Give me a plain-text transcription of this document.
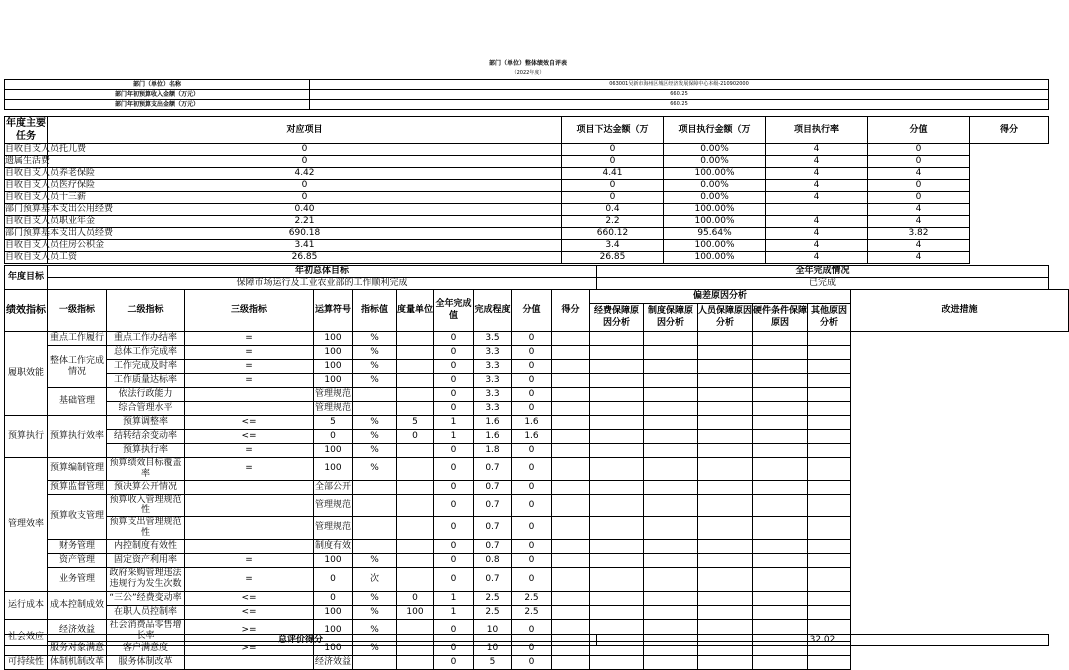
部门（单位）整体绩效自评表
（2022年度）
部门（单位）名称	063001吴新市海州区城区经济发展保障中心本级-210902000
部门年初预算收入金额（万元）	660.25
部门年初预算支出金额（万元）	660.25
年度主要任务	对应项目	项目下达金额（万	项目执行金额（万	项目执行率	分值	得分
自收自支人员托儿费	0	0	0.00%	4	0	
遗属生活费	0	0	0.00%	4	0	
自收自支人员养老保险	4.42	4.41	100.00%	4	4	
自收自支人员医疗保险	0	0	0.00%	4	0	
自收自支人员十三薪	0	0	0.00%	4	0	
部门预算基本支出公用经费	0.40	0.4	100.00%		4	
自收自支人员职业年金	2.21	2.2	100.00%	4	4	
部门预算基本支出人员经费	690.18	660.12	95.64%	4	3.82	
自收自支人员住房公积金	3.41	3.4	100.00%	4	4	
自收自支人员工资	26.85	26.85	100.00%	4	4	
年度目标	年初总体目标	全年完成情况
	保障市场运行及工业农业部的工作顺利完成	已完成
绩效指标	一级指标	二级指标	三级指标	运算符号	指标值	度量单位	全年完成值	完成程度	分值	得分	偏差原因分析					改进措施
											经费保障原因分析	制度保障原因分析	人员保障原因分析	硬件条件保障原因	其他原因分析	
履职效能	重点工作履行	重点工作办结率	=	100	%		0	3.5	0							
	整体工作完成情况	总体工作完成率	=	100	%		0	3.3	0							
		工作完成及时率	=	100	%		0	3.3	0							
		工作质量达标率	=	100	%		0	3.3	0							
	基础管理	依法行政能力		管理规范			0	3.3	0							
		综合管理水平		管理规范			0	3.3	0							
预算执行	预算执行效率	预算调整率	<=	5	%	5	1	1.6	1.6							
		结转结余变动率	<=	0	%	0	1	1.6	1.6							
		预算执行率	=	100	%		0	1.8	0							
管理效率	预算编制管理	预算绩效目标覆盖率	=	100	%		0	0.7	0							
	预算监督管理	预决算公开情况		全部公开			0	0.7	0							
	预算收支管理	预算收入管理规范性		管理规范			0	0.7	0							
		预算支出管理规范性		管理规范			0	0.7	0							
	财务管理	内控制度有效性		制度有效			0	0.7	0							
	资产管理	固定资产利用率	=	100	%		0	0.8	0							
	业务管理	政府采购管理违法违规行为发生次数	=	0	次		0	0.7	0							
运行成本	成本控制成效	“三公”经费变动率	<=	0	%	0	1	2.5	2.5							
		在职人员控制率	<=	100	%	100	1	2.5	2.5							
社会效应	经济效益	社会消费品零售增长率	>=	100	%		0	10	0							
	服务对象满意	客户满意度	>=	100	%		0	10	0							
可持续性	体制机制改革	服务体制改革		经济效益			0	5	0							
总评价得分	32.02
